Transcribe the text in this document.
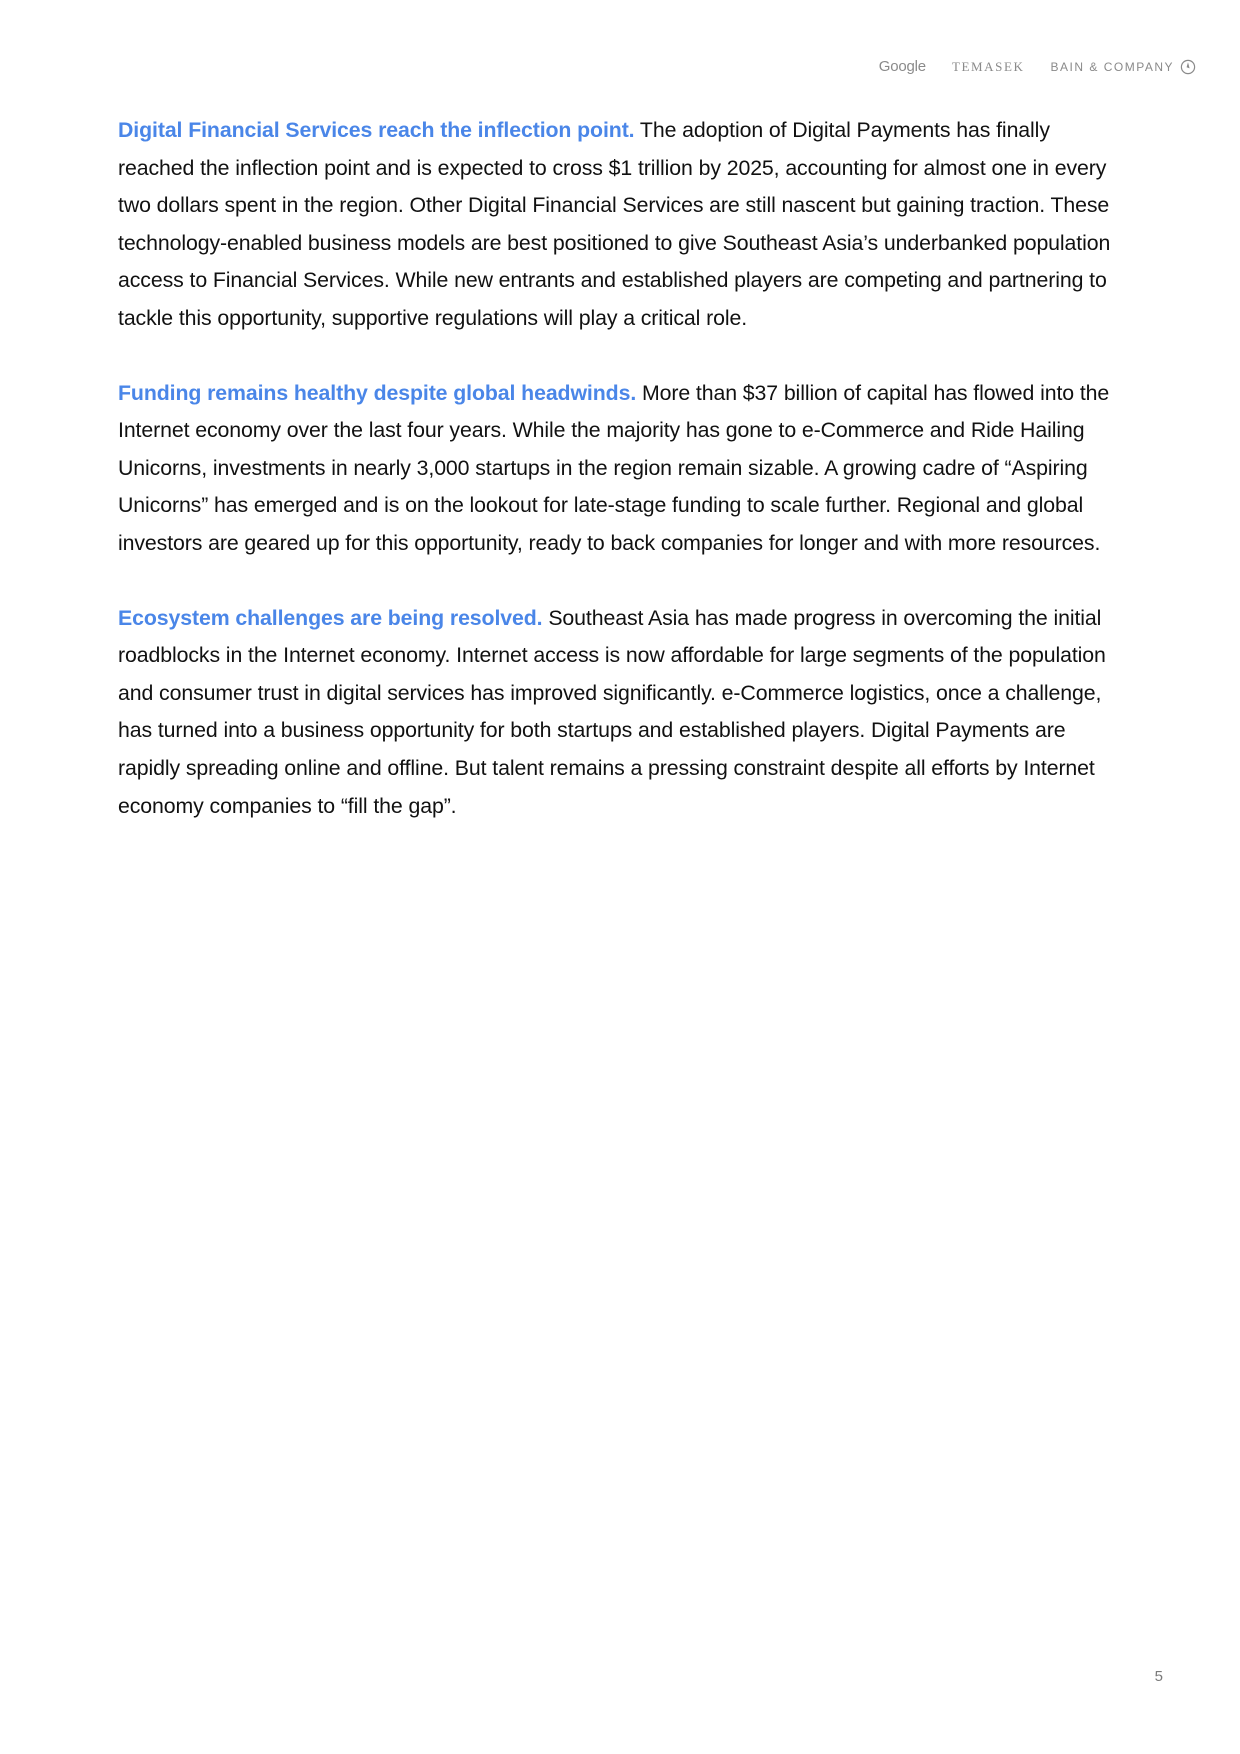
Google TEMASEK BAIN & COMPANY

Digital Financial Services reach the inflection point. The adoption of Digital Payments has finally reached the inflection point and is expected to cross $1 trillion by 2025, accounting for almost one in every two dollars spent in the region. Other Digital Financial Services are still nascent but gaining traction. These technology-enabled business models are best positioned to give Southeast Asia’s underbanked population access to Financial Services. While new entrants and established players are competing and partnering to tackle this opportunity, supportive regulations will play a critical role.

Funding remains healthy despite global headwinds. More than $37 billion of capital has flowed into the Internet economy over the last four years. While the majority has gone to e-Commerce and Ride Hailing Unicorns, investments in nearly 3,000 startups in the region remain sizable. A growing cadre of “Aspiring Unicorns” has emerged and is on the lookout for late-stage funding to scale further. Regional and global investors are geared up for this opportunity, ready to back companies for longer and with more resources.

Ecosystem challenges are being resolved. Southeast Asia has made progress in overcoming the initial roadblocks in the Internet economy. Internet access is now affordable for large segments of the population and consumer trust in digital services has improved significantly. e-Commerce logistics, once a challenge, has turned into a business opportunity for both startups and established players. Digital Payments are rapidly spreading online and offline. But talent remains a pressing constraint despite all efforts by Internet economy companies to “fill the gap”.

5
